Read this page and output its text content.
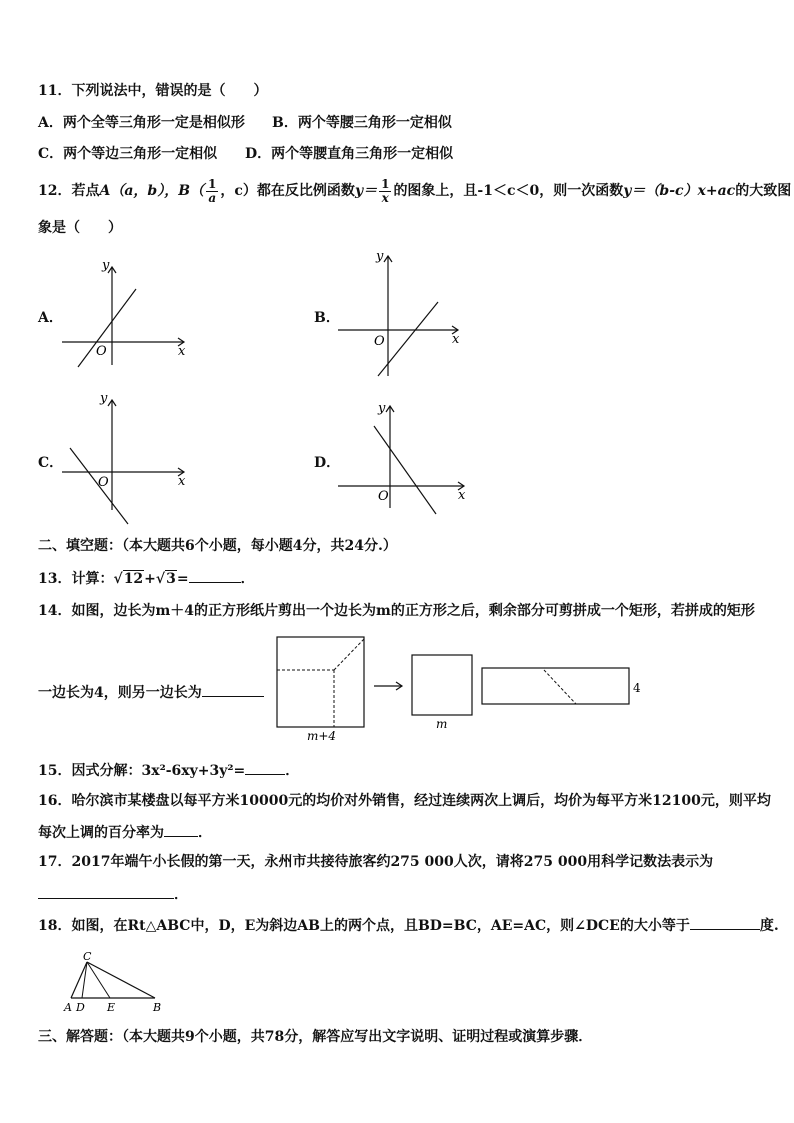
11．下列说法中，错误的是（　　）
A．两个全等三角形一定是相似形 B．两个等腰三角形一定相似
C．两个等边三角形一定相似 D．两个等腰直角三角形一定相似
12．若点A（a，b），$B( \frac{1}{a}$ ，c）都在反比例函数$y= \frac{1}{x}$ 的图象上，且-1＜c＜0，则一次函数y＝（b-c）x+ac的大致图
象是（　　）
A．
y
x
O
B．
y
x
O
C．
y
x
O
D．
y
x
O
二、填空题：（本大题共6个小题，每小题4分，共24分.）
13．计算：√12+√3=	．
14．如图，边长为m＋4的正方形纸片剪出一个边长为m的正方形之后，剩余部分可剪拼成一个矩形，若拼成的矩形
一边长为4，则另一边长为
m+4
m
4
15．因式分解：3x²-6xy+3y²=	．
16．哈尔滨市某楼盘以每平方米10000元的均价对外销售，经过连续两次上调后，均价为每平方米12100元，则平均
每次上调的百分率为 ．
17．2017年端午小长假的第一天，永州市共接待旅客约275 000人次，请将275 000用科学记数法表示为
．
18．如图，在Rt△ABC中，D，E为斜边AB上的两个点，且BD=BC，AE=AC，则∠DCE的大小等于	度.
C
A D E	B
三、解答题：（本大题共9个小题，共78分，解答应写出文字说明、证明过程或演算步骤．
